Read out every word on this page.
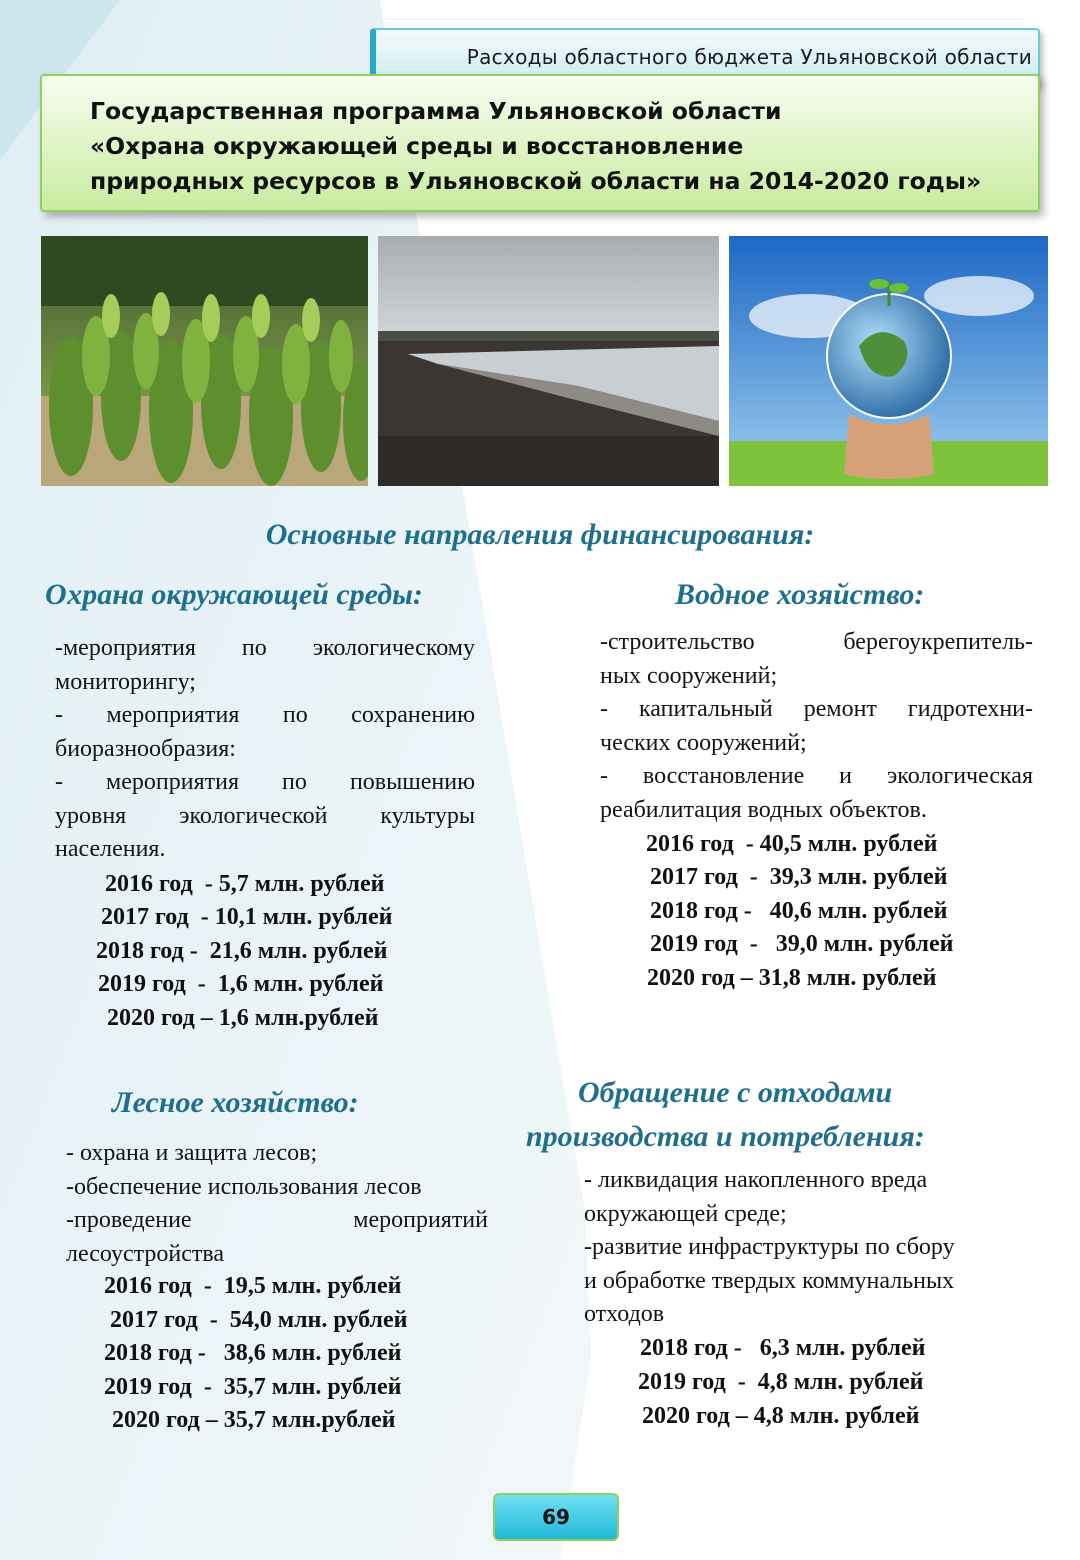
Расходы областного бюджета Ульяновской области
Государственная программа Ульяновской области
«Охрана окружающей среды и восстановление
природных ресурсов в Ульяновской области на 2014-2020 годы»
Основные направления финансирования:
Охрана окружающей среды:
-мероприятия по экологическому
мониторингу;
- мероприятия по сохранению
биоразнообразия:
- мероприятия по повышению
уровня экологической культуры
населения.
2016 год  - 5,7 млн. рублей
2017 год  - 10,1 млн. рублей
2018 год -  21,6 млн. рублей
2019 год  -  1,6 млн. рублей
2020 год – 1,6 млн.рублей
Водное хозяйство:
-строительство берегоукрепитель-
ных сооружений;
- капитальный ремонт гидротехни-
ческих сооружений;
- восстановление и экологическая
реабилитация водных объектов.
2016 год  - 40,5 млн. рублей
2017 год  -  39,3 млн. рублей
2018 год -   40,6 млн. рублей
2019 год  -   39,0 млн. рублей
2020 год – 31,8 млн. рублей
Лесное хозяйство:
- охрана и защита лесов;
-обеспечение использования лесов
-проведение мероприятий
лесоустройства
2016 год  -  19,5 млн. рублей
2017 год  -  54,0 млн. рублей
2018 год -   38,6 млн. рублей
2019 год  -  35,7 млн. рублей
2020 год – 35,7 млн.рублей
Обращение с отходами
производства и потребления:
- ликвидация накопленного вреда
окружающей среде;
-развитие инфраструктуры по сбору
и обработке твердых коммунальных
отходов
2018 год -   6,3 млн. рублей
2019 год  -  4,8 млн. рублей
2020 год – 4,8 млн. рублей
69
